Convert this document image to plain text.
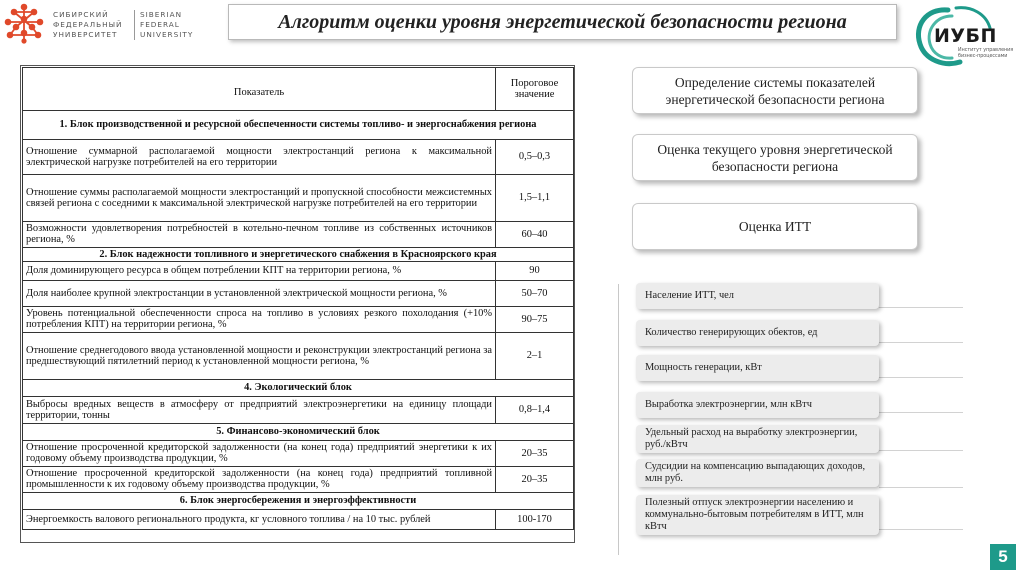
СИБИРСКИЙ
ФЕДЕРАЛЬНЫЙ
УНИВЕРСИТЕТ
SIBERIAN
FEDERAL
UNIVERSITY
Алгоритм оценки уровня энергетической безопасности региона
ИУБП
Институт управления
бизнес-процессами
Показатель	Пороговое значение
1. Блок производственной и ресурсной обеспеченности системы топливо- и энергоснабжения региона	
Отношение суммарной располагаемой мощности электростанций региона к максимальной электрической нагрузке потребителей на его территории	0,5–0,3
Отношение суммы располагаемой мощности электростанций и пропускной способности межсистемных связей региона с соседними к максимальной электрической нагрузке потребителей на его территории	1,5–1,1
Возможности удовлетворения потребностей в котельно-печном топливе из собственных источников региона, %	60–40
2. Блок надежности топливного и энергетического снабжения в Красноярского края	
Доля доминирующего ресурса в общем потреблении КПТ на территории региона, %	90
Доля наиболее крупной электростанции в установленной электрической мощности региона, %	50–70
Уровень потенциальной обеспеченности спроса на топливо в условиях резкого похолодания (+10% потребления КПТ) на территории региона, %	90–75
Отношение среднегодового ввода установленной мощности и реконструкции электростанций региона за предшествующий пятилетний период к установленной мощности региона, %	2–1
4. Экологический блок	
Выбросы вредных веществ в атмосферу от предприятий электроэнергетики на единицу площади территории, тонны	0,8–1,4
5. Финансово-экономический блок	
Отношение просроченной кредиторской задолженности (на конец года) предприятий энергетики к их годовому объему производства продукции, %	20–35
Отношение просроченной кредиторской задолженности (на конец года) предприятий топливной промышленности к их годовому объему производства продукции, %	20–35
6. Блок энергосбережения и энергоэффективности	
Энергоемкость валового регионального продукта, кг условного топлива / на 10 тыс. рублей	100-170
Определение системы показателей энергетической безопасности региона
Оценка текущего уровня энергетической безопасности региона
Оценка ИТТ
Население ИТТ, чел
Количество генерирующих обектов, ед
Мощность генерации, кВт
Выработка электроэнергии, млн кВтч
Удельный расход на выработку электроэнергии, руб./кВтч
Судсидии на компенсацию выпадающих доходов, млн руб.
Полезный отпуск электроэнергии населению и коммунально-бытовым потребителям в ИТТ, млн кВтч
5
